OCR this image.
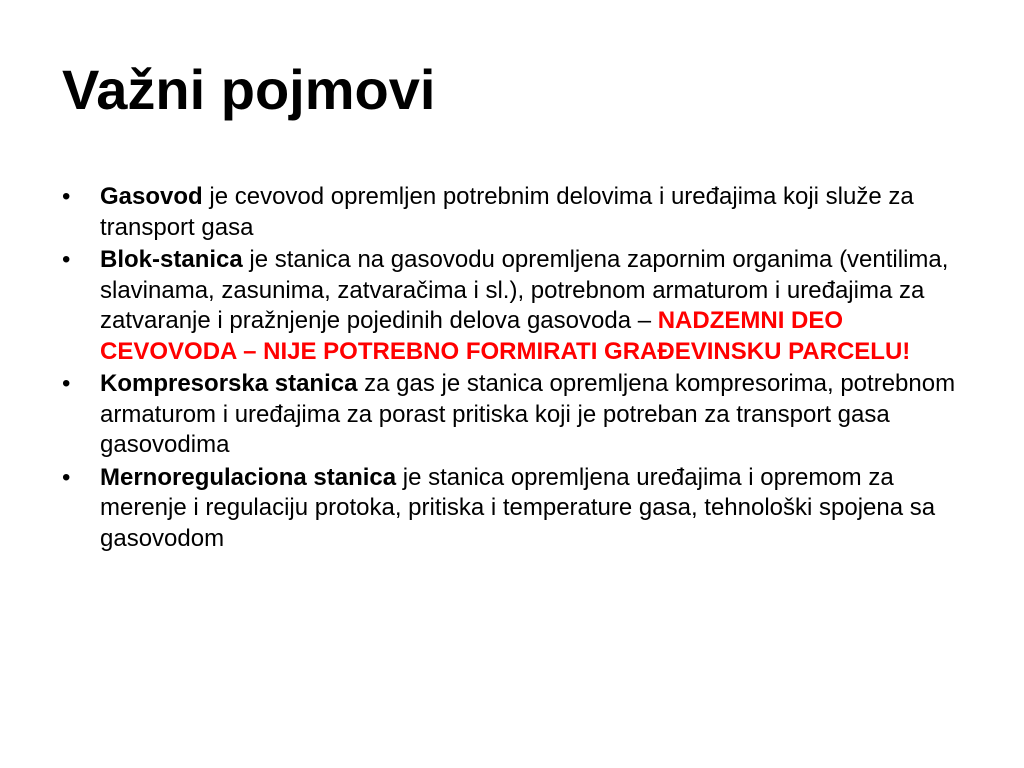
Važni pojmovi
• Gasovod je cevovod opremljen potrebnim delovima i uređajima koji služe za transport gasa
• Blok-stanica je stanica na gasovodu opremljena zapornim organima (ventilima, slavinama, zasunima, zatvaračima i sl.), potrebnom armaturom i uređajima za zatvaranje i pražnjenje pojedinih delova gasovoda – NADZEMNI DEO CEVOVODA – NIJE POTREBNO FORMIRATI GRAĐEVINSKU PARCELU!
• Kompresorska stanica za gas je stanica opremljena kompresorima, potrebnom armaturom i uređajima za porast pritiska koji je potreban za transport gasa gasovodima
• Mernoregulaciona stanica je stanica opremljena uređajima i opremom za merenje i regulaciju protoka, pritiska i temperature gasa, tehnološki spojena sa gasovodom
